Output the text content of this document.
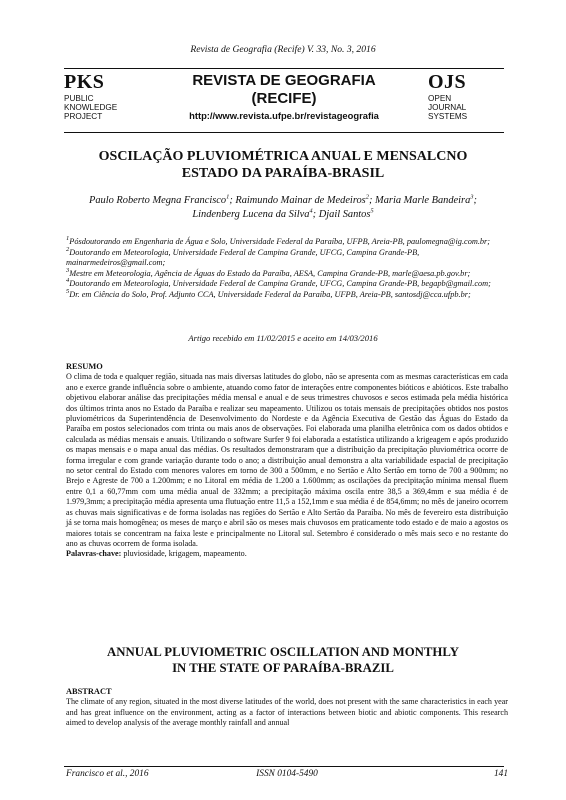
Revista de Geografia (Recife) V. 33, No. 3, 2016
PKS
PUBLIC
KNOWLEDGE
PROJECT
REVISTA DE GEOGRAFIA
(RECIFE)
http://www.revista.ufpe.br/revistageografia
OJS
OPEN
JOURNAL
SYSTEMS
OSCILAÇÃO PLUVIOMÉTRICA ANUAL E MENSALCNO
ESTADO DA PARAÍBA-BRASIL
Paulo Roberto Megna Francisco$^1$; Raimundo Mainar de Medeiros$^2$; Maria Marle Bandeira$^3$;
Lindenberg Lucena da Silva$^4$; Djail Santos$^5$
$^1$Pósdoutorando em Engenharia de Água e Solo, Universidade Federal da Paraíba, UFPB, Areia-PB, paulomegna@ig.com.br;
$^2$Doutorando em Meteorologia, Universidade Federal de Campina Grande, UFCG, Campina Grande-PB, mainarmedeiros@gmail.com;
$^3$Mestre em Meteorologia, Agência de Águas do Estado da Paraíba, AESA, Campina Grande-PB, marle@aesa.pb.gov.br;
$^4$Doutorando em Meteorologia, Universidade Federal de Campina Grande, UFCG, Campina Grande-PB, begapb@gmail.com;
$^5$Dr. em Ciência do Solo, Prof. Adjunto CCA, Universidade Federal da Paraíba, UFPB, Areia-PB, santosdj@cca.ufpb.br;
Artigo recebido em 11/02/2015 e aceito em 14/03/2016
RESUMO

O clima de toda e qualquer região, situada nas mais diversas latitudes do globo, não se apresenta com as mesmas características em cada ano e exerce grande influência sobre o ambiente, atuando como fator de interações entre componentes bióticos e abióticos. Este trabalho objetivou elaborar análise das precipitações média mensal e anual e de seus trimestres chuvosos e secos estimada pela média histórica dos últimos trinta anos no Estado da Paraíba e realizar seu mapeamento. Utilizou os totais mensais de precipitações obtidos nos postos pluviométricos da Superintendência de Desenvolvimento do Nordeste e da Agência Executiva de Gestão das Águas do Estado da Paraíba em postos selecionados com trinta ou mais anos de observações. Foi elaborada uma planilha eletrônica com os dados obtidos e calculada as médias mensais e anuais. Utilizando o software Surfer 9 foi elaborada a estatística utilizando a krigeagem e após produzido os mapas mensais e o mapa anual das médias. Os resultados demonstraram que a distribuição da precipitação pluviométrica ocorre de forma irregular e com grande variação durante todo o ano; a distribuição anual demonstra a alta variabilidade espacial de precipitação no setor central do Estado com menores valores em torno de 300 a 500mm, e no Sertão e Alto Sertão em torno de 700 a 900mm; no Brejo e Agreste de 700 a 1.200mm; e no Litoral em média de 1.200 a 1.600mm; as oscilações da precipitação mínima mensal fluem entre 0,1 a 60,77mm com uma média anual de 332mm; a precipitação máxima oscila entre 38,5 a 369,4mm e sua média é de 1.979,3mm; a precipitação média apresenta uma flutuação entre 11,5 a 152,1mm e sua média é de 854,6mm; no mês de janeiro ocorrem as chuvas mais significativas e de forma isoladas nas regiões do Sertão e Alto Sertão da Paraíba. No mês de fevereiro esta distribuição já se torna mais homogênea; os meses de março e abril são os meses mais chuvosos em praticamente todo estado e de maio a agostos os maiores totais se concentram na faixa leste e principalmente no Litoral sul. Setembro é considerado o mês mais seco e no restante do ano as chuvas ocorrem de forma isolada.

Palavras-chave: pluviosidade, krigagem, mapeamento.

ANNUAL PLUVIOMETRIC OSCILLATION AND MONTHLY
IN THE STATE OF PARAÍBA-BRAZIL
ABSTRACT

The climate of any region, situated in the most diverse latitudes of the world, does not present with the same characteristics in each year and has great influence on the environment, acting as a factor of interactions between biotic and abiotic components. This research aimed to develop analysis of the average monthly rainfall and annual

Francisco et al., 2016	ISSN 0104-5490	141
